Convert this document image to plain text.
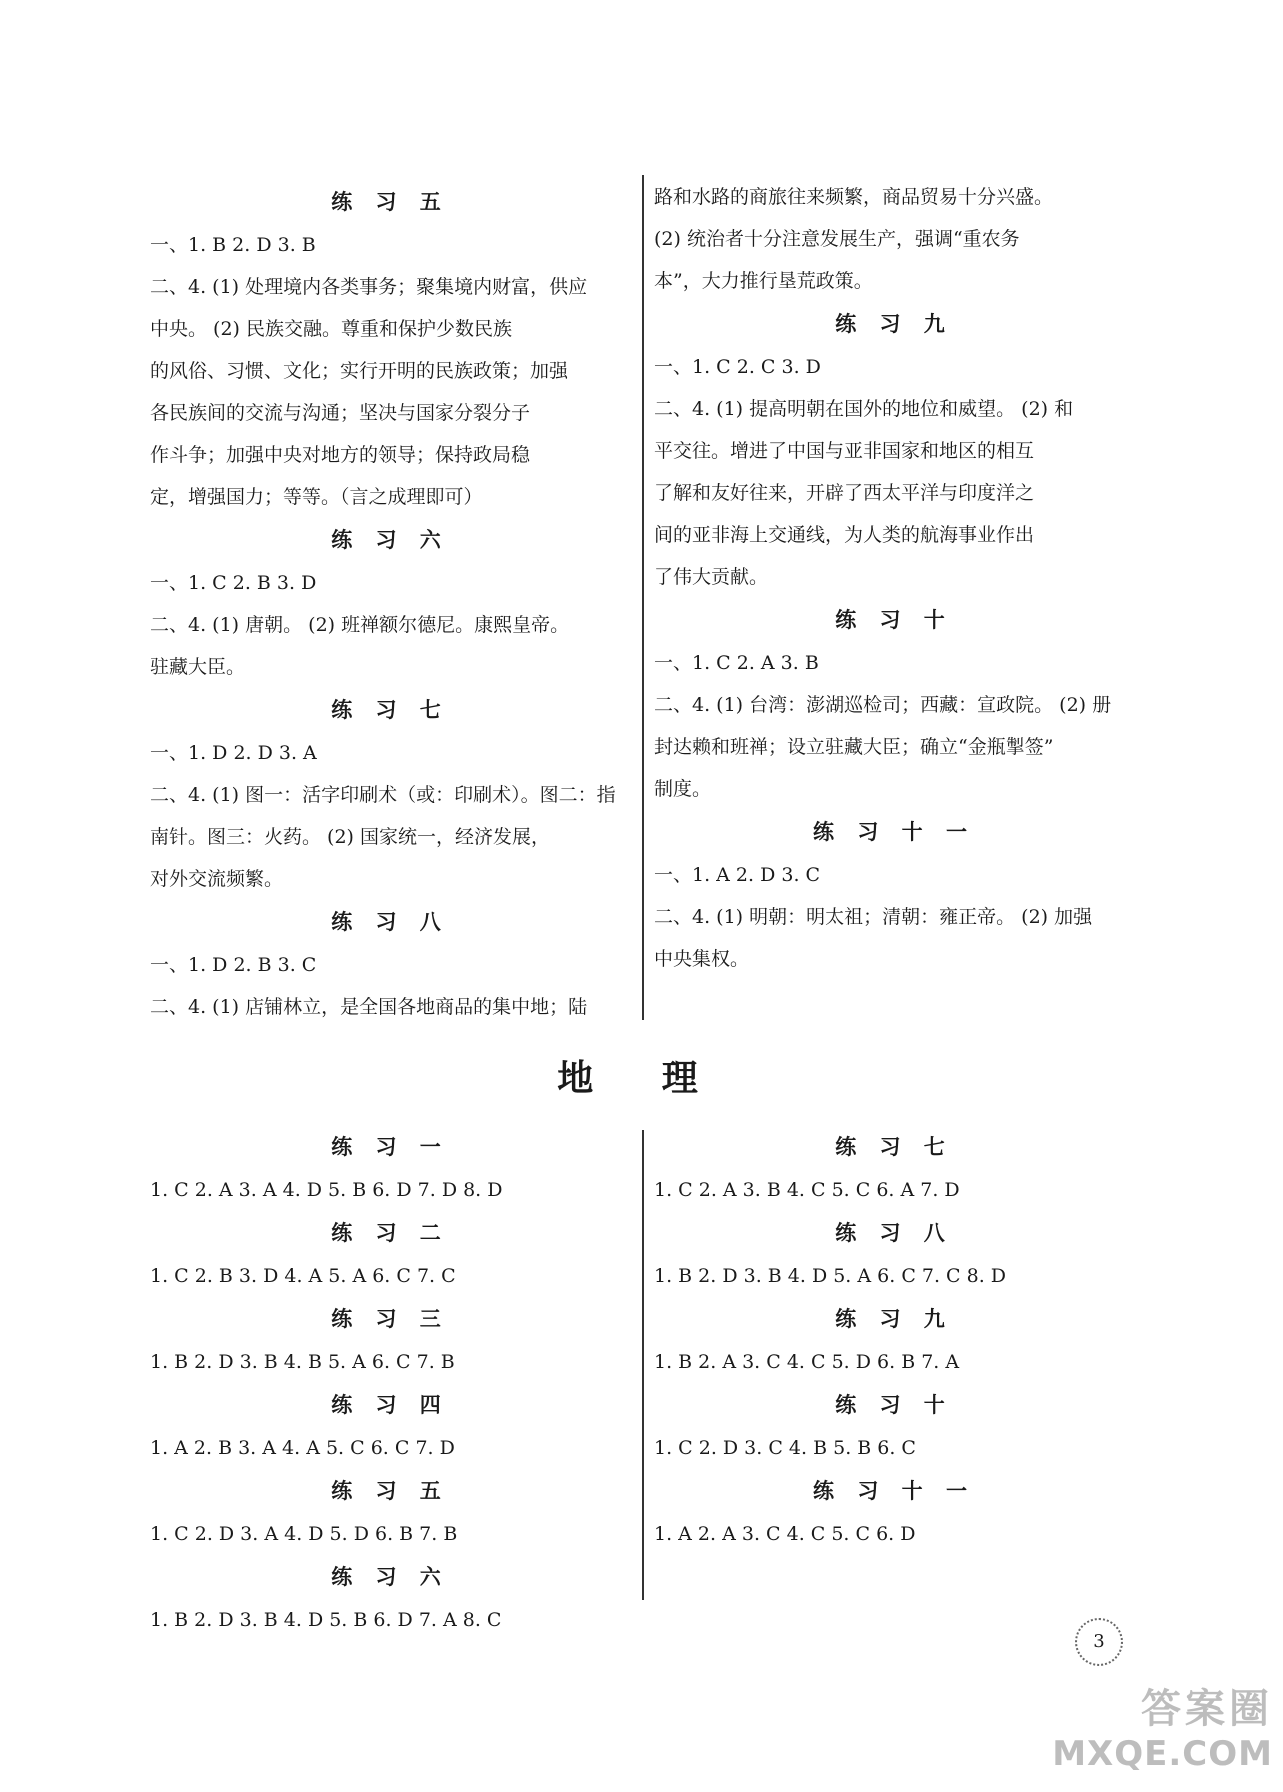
练 习 五

一、1. B 2. D 3. B

二、4. (1) 处理境内各类事务；聚集境内财富，供应

中央。 (2) 民族交融。尊重和保护少数民族

的风俗、习惯、文化；实行开明的民族政策；加强

各民族间的交流与沟通；坚决与国家分裂分子

作斗争；加强中央对地方的领导；保持政局稳

定，增强国力；等等。（言之成理即可）

练 习 六

一、1. C 2. B 3. D

二、4. (1) 唐朝。 (2) 班禅额尔德尼。康熙皇帝。

驻藏大臣。

练 习 七

一、1. D 2. D 3. A

二、4. (1) 图一：活字印刷术（或：印刷术）。图二：指

南针。图三：火药。 (2) 国家统一，经济发展，

对外交流频繁。

练 习 八

一、1. D 2. B 3. C

二、4. (1) 店铺林立，是全国各地商品的集中地；陆

路和水路的商旅往来频繁，商品贸易十分兴盛。

(2) 统治者十分注意发展生产，强调“重农务

本”，大力推行垦荒政策。

练 习 九

一、1. C 2. C 3. D

二、4. (1) 提高明朝在国外的地位和威望。 (2) 和

平交往。增进了中国与亚非国家和地区的相互

了解和友好往来，开辟了西太平洋与印度洋之

间的亚非海上交通线，为人类的航海事业作出

了伟大贡献。

练 习 十

一、1. C 2. A 3. B

二、4. (1) 台湾：澎湖巡检司；西藏：宣政院。 (2) 册

封达赖和班禅；设立驻藏大臣；确立“金瓶掣签”

制度。

练 习 十 一

一、1. A 2. D 3. C

二、4. (1) 明朝：明太祖；清朝：雍正帝。 (2) 加强

中央集权。

地 理

练 习 一

1. C 2. A 3. A 4. D 5. B 6. D 7. D 8. D

练 习 二

1. C 2. B 3. D 4. A 5. A 6. C 7. C

练 习 三

1. B 2. D 3. B 4. B 5. A 6. C 7. B

练 习 四

1. A 2. B 3. A 4. A 5. C 6. C 7. D

练 习 五

1. C 2. D 3. A 4. D 5. D 6. B 7. B

练 习 六

1. B 2. D 3. B 4. D 5. B 6. D 7. A 8. C

练 习 七

1. C 2. A 3. B 4. C 5. C 6. A 7. D

练 习 八

1. B 2. D 3. B 4. D 5. A 6. C 7. C 8. D

练 习 九

1. B 2. A 3. C 4. C 5. D 6. B 7. A

练 习 十

1. C 2. D 3. C 4. B 5. B 6. C

练 习 十 一

1. A 2. A 3. C 4. C 5. C 6. D

3
答案圈
MXQE.COM
